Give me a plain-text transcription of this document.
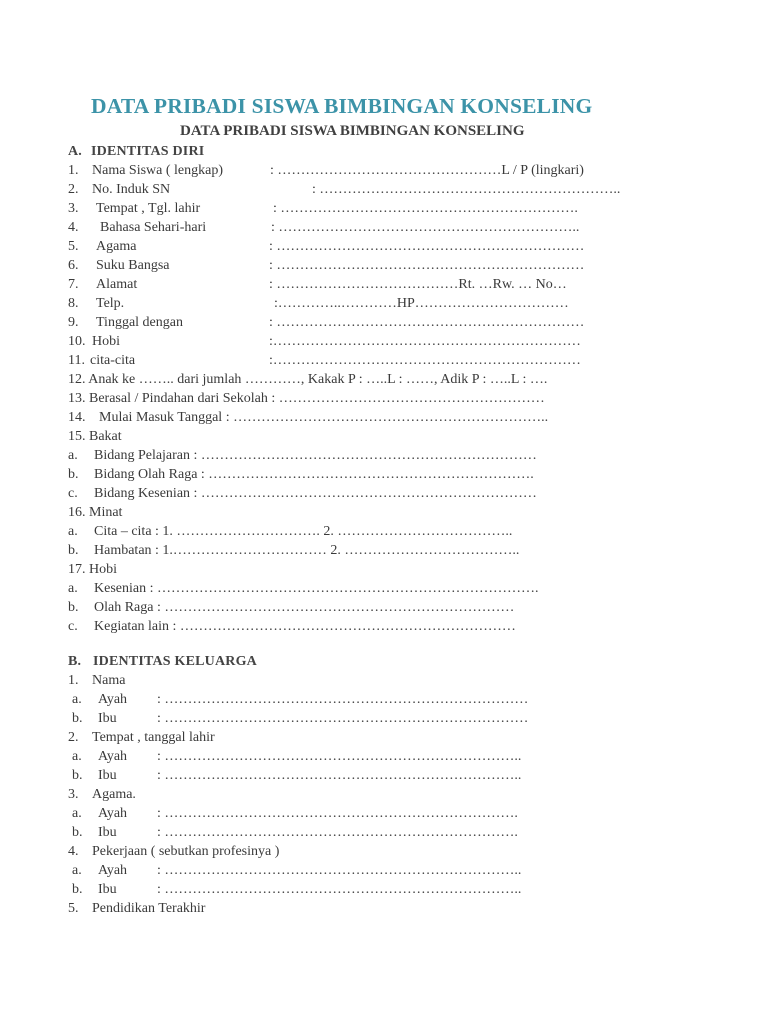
DATA PRIBADI SISWA BIMBINGAN KONSELING
DATA PRIBADI SISWA BIMBINGAN KONSELING
A. IDENTITAS DIRI
1. Nama Siswa ( lengkap)	: …………………………………………L / P (lingkari)
2. No. Induk SN	: ………………………………………………………..
3. Tempat , Tgl. lahir	: ……………………………………………………….
4. Bahasa Sehari-hari	: ………………………………………………………..
5. Agama	: …………………………………………………………
6. Suku Bangsa	: …………………………………………………………
7. Alamat	: …………………………………Rt. …Rw. … No…
8. Telp.	:…………..…………HP……………………………
9. Tinggal dengan	: …………………………………………………………
10. Hobi	:…………………………………………………………
11. cita-cita	:…………………………………………………………
12. Anak ke …….. dari jumlah …………, Kakak P : …..L : ……, Adik P : …..L : ….
13. Berasal / Pindahan dari Sekolah : …………………………………………………
14. Mulai Masuk Tanggal : …………………………………………………………..
15. Bakat
a. Bidang Pelajaran : ………………………………………………………………
b. Bidang Olah Raga : …………………………………………………………….
c. Bidang Kesenian : ………………………………………………………………
16. Minat
a. Cita – cita : 1. …………………………. 2. ………………………………..
b. Hambatan : 1.…………………………… 2. ………………………………..
17. Hobi
a. Kesenian : ……………………………………………………………………….
b. Olah Raga : …………………………………………………………………
c. Kegiatan lain : ………………………………………………………………
B. IDENTITAS KELUARGA
1. Nama
a. Ayah : ……………………………………………………………………
b. Ibu	: ……………………………………………………………………
2. Tempat , tanggal lahir
a. Ayah : …………………………………………………………………..
b. Ibu	: …………………………………………………………………..
3. Agama.
a. Ayah : ………………………………………………………………….
b. Ibu	: ………………………………………………………………….
4. Pekerjaan ( sebutkan profesinya )
a. Ayah : …………………………………………………………………..
b. Ibu	: …………………………………………………………………..
5. Pendidikan Terakhir
